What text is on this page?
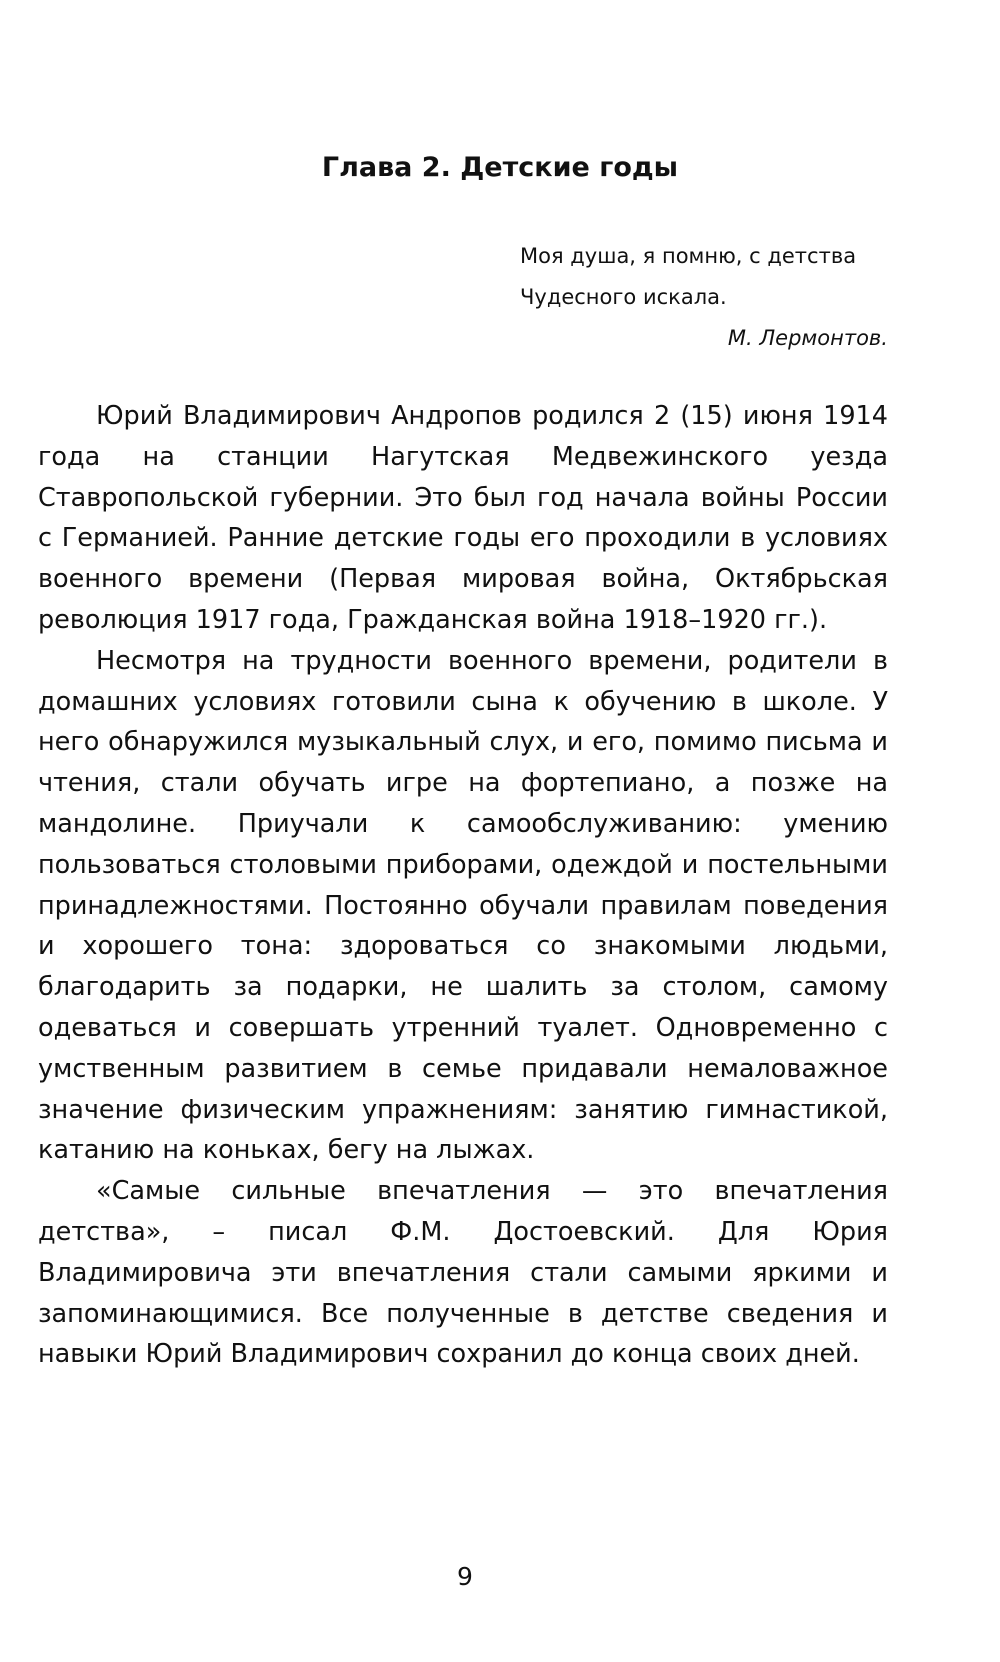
Глава 2. Детские годы
Моя душа, я помню, с детства
Чудесного искала.
М. Лермонтов.

Юрий Владимирович Андропов родился 2 (15) июня 1914 года на станции Нагутская Медвежинского уезда Ставропольской губернии. Это был год начала войны России с Германией. Ранние детские годы его проходили в условиях военного времени (Первая мировая война, Октябрьская революция 1917 года, Гражданская война 1918–1920 гг.).

Несмотря на трудности военного времени, родители в домашних условиях готовили сына к обучению в школе. У него обнаружился музыкальный слух, и его, помимо письма и чтения, стали обучать игре на фортепиано, а позже на мандолине. Приучали к самообслуживанию: умению пользоваться столовыми приборами, одеждой и постельными принадлежностями. Постоянно обучали правилам поведения и хорошего тона: здороваться со знакомыми людьми, благодарить за подарки, не шалить за столом, самому одеваться и совершать утренний туалет. Одновременно с умственным развитием в семье придавали немаловажное значение физическим упражнениям: занятию гимнастикой, катанию на коньках, бегу на лыжах.

«Самые сильные впечатления — это впечатления детства», – писал Ф.М. Достоевский. Для Юрия Владимировича эти впечатления стали самыми яркими и запоминающимися. Все полученные в детстве сведения и навыки Юрий Владимирович сохранил до конца своих дней.

9
